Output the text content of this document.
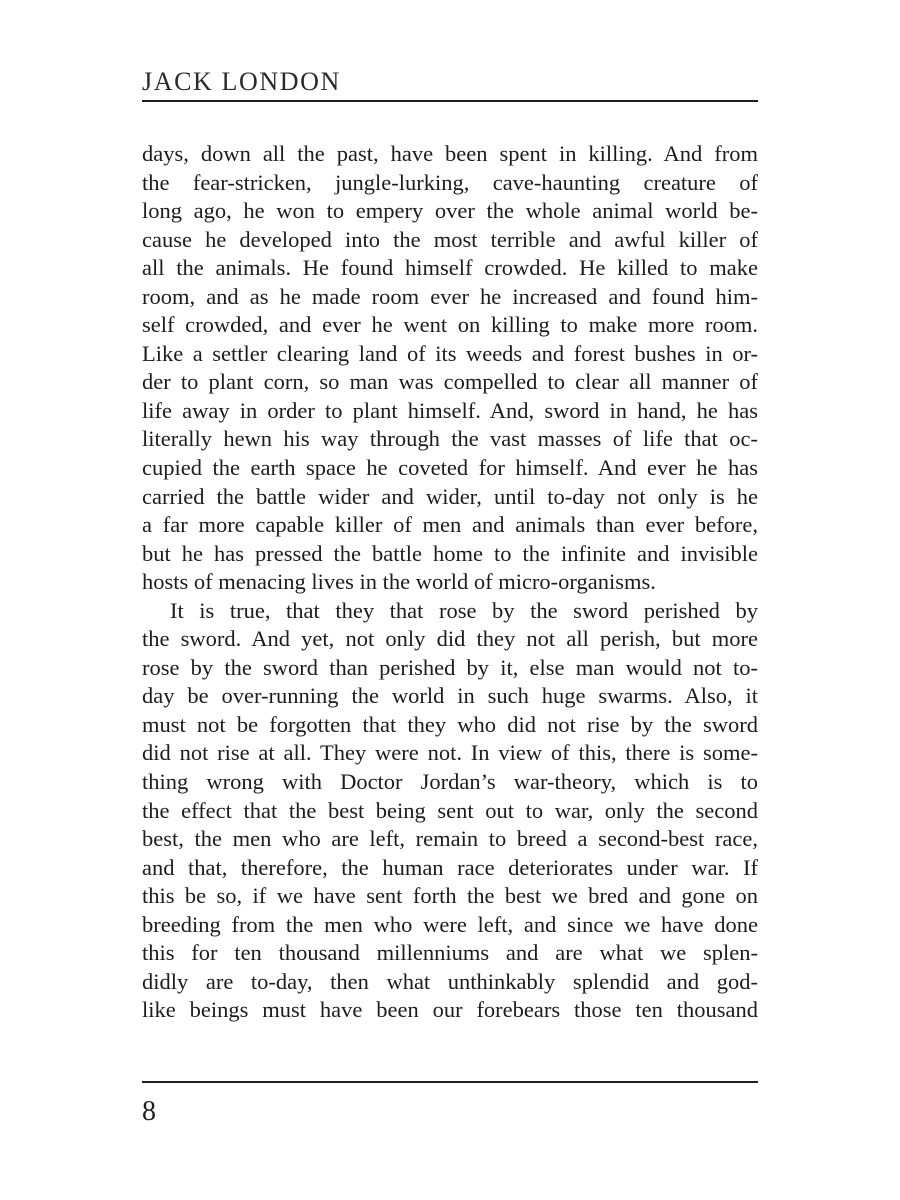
JACK LONDON
days, down all the past, have been spent in killing. And from
the fear-stricken, jungle-lurking, cave-haunting creature of
long ago, he won to empery over the whole animal world be-
cause he developed into the most terrible and awful killer of
all the animals. He found himself crowded. He killed to make
room, and as he made room ever he increased and found him-
self crowded, and ever he went on killing to make more room.
Like a settler clearing land of its weeds and forest bushes in or-
der to plant corn, so man was compelled to clear all manner of
life away in order to plant himself. And, sword in hand, he has
literally hewn his way through the vast masses of life that oc-
cupied the earth space he coveted for himself. And ever he has
carried the battle wider and wider, until to-day not only is he
a far more capable killer of men and animals than ever before,
but he has pressed the battle home to the infinite and invisible
hosts of menacing lives in the world of micro-organisms.
It is true, that they that rose by the sword perished by
the sword. And yet, not only did they not all perish, but more
rose by the sword than perished by it, else man would not to-
day be over-running the world in such huge swarms. Also, it
must not be forgotten that they who did not rise by the sword
did not rise at all. They were not. In view of this, there is some-
thing wrong with Doctor Jordan’s war-theory, which is to
the effect that the best being sent out to war, only the second
best, the men who are left, remain to breed a second-best race,
and that, therefore, the human race deteriorates under war. If
this be so, if we have sent forth the best we bred and gone on
breeding from the men who were left, and since we have done
this for ten thousand millenniums and are what we splen-
didly are to-day, then what unthinkably splendid and god-
like beings must have been our forebears those ten thousand
8
